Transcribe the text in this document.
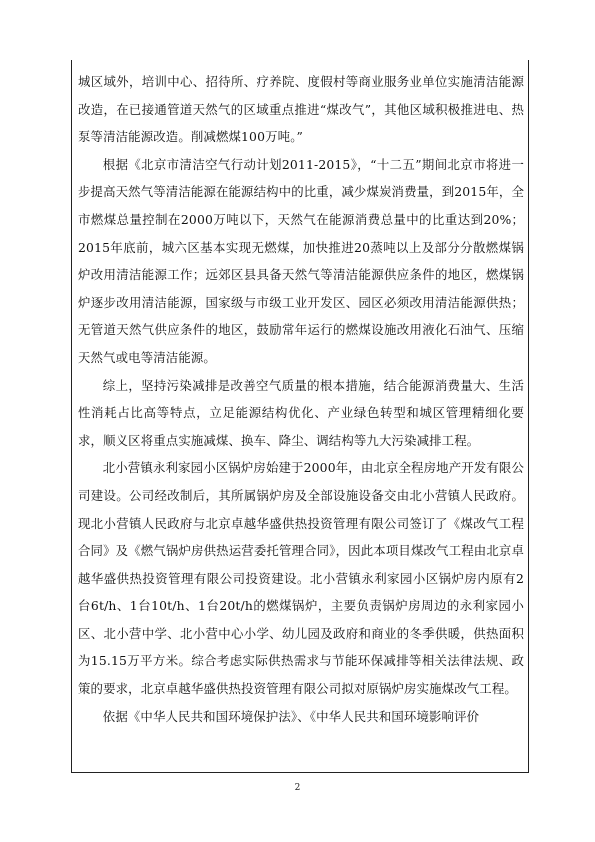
城区域外，培训中心、招待所、疗养院、度假村等商业服务业单位实施清洁能源改造，在已接通管道天然气的区域重点推进“煤改气”，其他区域积极推进电、热泵等清洁能源改造。削减燃煤100万吨。”

根据《北京市清洁空气行动计划2011-2015》，“十二五”期间北京市将进一步提高天然气等清洁能源在能源结构中的比重，减少煤炭消费量，到2015年，全市燃煤总量控制在2000万吨以下，天然气在能源消费总量中的比重达到20%；2015年底前，城六区基本实现无燃煤，加快推进20蒸吨以上及部分分散燃煤锅炉改用清洁能源工作；远郊区县具备天然气等清洁能源供应条件的地区，燃煤锅炉逐步改用清洁能源，国家级与市级工业开发区、园区必须改用清洁能源供热；无管道天然气供应条件的地区，鼓励常年运行的燃煤设施改用液化石油气、压缩天然气或电等清洁能源。

综上，坚持污染减排是改善空气质量的根本措施，结合能源消费量大、生活性消耗占比高等特点，立足能源结构优化、产业绿色转型和城区管理精细化要求，顺义区将重点实施减煤、换车、降尘、调结构等九大污染减排工程。

北小营镇永利家园小区锅炉房始建于2000年，由北京全程房地产开发有限公司建设。公司经改制后，其所属锅炉房及全部设施设备交由北小营镇人民政府。现北小营镇人民政府与北京卓越华盛供热投资管理有限公司签订了《煤改气工程合同》及《燃气锅炉房供热运营委托管理合同》，因此本项目煤改气工程由北京卓越华盛供热投资管理有限公司投资建设。北小营镇永利家园小区锅炉房内原有2台6t/h、1台10t/h、1台20t/h的燃煤锅炉，主要负责锅炉房周边的永利家园小区、北小营中学、北小营中心小学、幼儿园及政府和商业的冬季供暖，供热面积为15.15万平方米。综合考虑实际供热需求与节能环保减排等相关法律法规、政策的要求，北京卓越华盛供热投资管理有限公司拟对原锅炉房实施煤改气工程。

依据《中华人民共和国环境保护法》、《中华人民共和国环境影响评价

2
